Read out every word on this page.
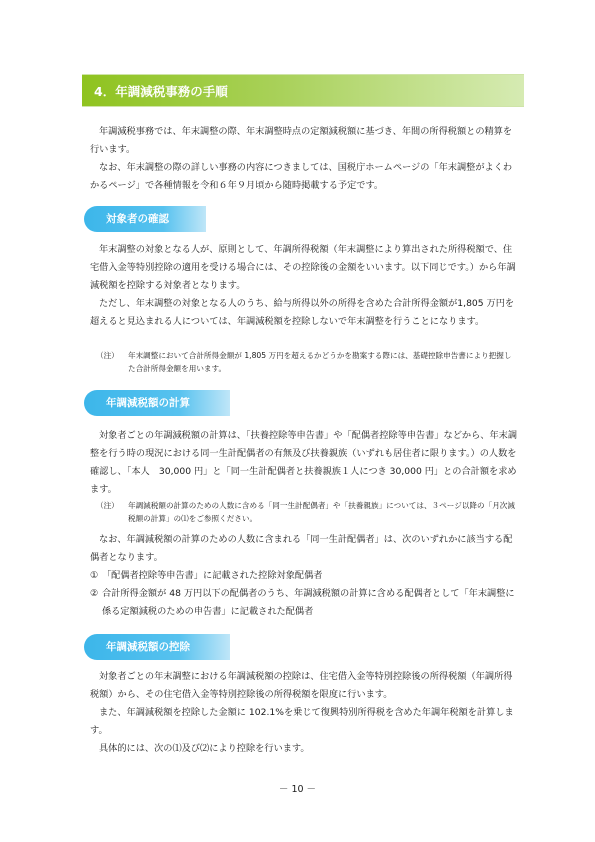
4．年調減税事務の手順

年調減税事務では、年末調整の際、年末調整時点の定額減税額に基づき、年間の所得税額との精算を行います。

なお、年末調整の際の詳しい事務の内容につきましては、国税庁ホームページの「年末調整がよくわかるページ」で各種情報を令和６年９月頃から随時掲載する予定です。

対象者の確認

年末調整の対象となる人が、原則として、年調所得税額（年末調整により算出された所得税額で、住宅借入金等特別控除の適用を受ける場合には、その控除後の金額をいいます。以下同じです。）から年調減税額を控除する対象者となります。

ただし、年末調整の対象となる人のうち、給与所得以外の所得を含めた合計所得金額が1,805 万円を超えると見込まれる人については、年調減税額を控除しないで年末調整を行うことになります。

（注） 年末調整において合計所得金額が 1,805 万円を超えるかどうかを勘案する際には、基礎控除申告書により把握した合計所得金額を用います。
年調減税額の計算

対象者ごとの年調減税額の計算は、「扶養控除等申告書」や「配偶者控除等申告書」などから、年末調整を行う時の現況における同一生計配偶者の有無及び扶養親族（いずれも居住者に限ります。）の人数を確認し、「本人　30,000 円」と「同一生計配偶者と扶養親族１人につき 30,000 円」との合計額を求めます。

（注） 年調減税額の計算のための人数に含める「同一生計配偶者」や「扶養親族」については、３ページ以降の「月次減税額の計算」の⑴をご参照ください。

なお、年調減税額の計算のための人数に含まれる「同一生計配偶者」は、次のいずれかに該当する配偶者となります。

① 「配偶者控除等申告書」に記載された控除対象配偶者
② 合計所得金額が 48 万円以下の配偶者のうち、年調減税額の計算に含める配偶者として「年末調整に係る定額減税のための申告書」に記載された配偶者
年調減税額の控除

対象者ごとの年末調整における年調減税額の控除は、住宅借入金等特別控除後の所得税額（年調所得税額）から、その住宅借入金等特別控除後の所得税額を限度に行います。

また、年調減税額を控除した金額に 102.1%を乗じて復興特別所得税を含めた年調年税額を計算します。

具体的には、次の⑴及び⑵により控除を行います。

－ 10 －
